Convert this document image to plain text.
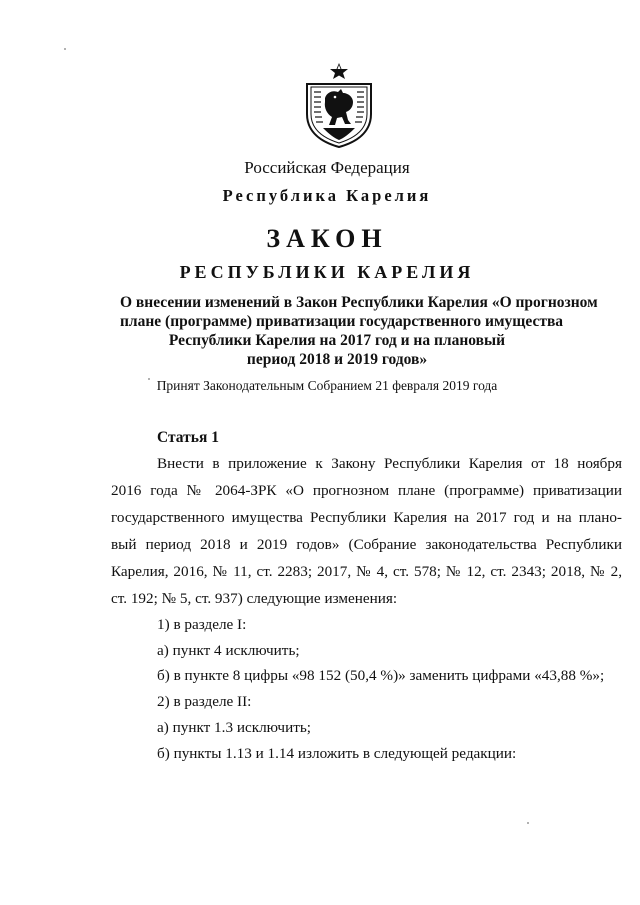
Российская Федерация
Республика Карелия
ЗАКОН
РЕСПУБЛИКИ КАРЕЛИЯ
О внесении изменений в Закон Республики Карелия «О прогнозном
плане (программе) приватизации государственного имущества
Республики Карелия на 2017 год и на плановый
период 2018 и 2019 годов»
Принят Законодательным Собранием 21 февраля 2019 года
Статья 1
Внести в приложение к Закону Республики Карелия от 18 ноября
2016 года № 2064-ЗРК «О прогнозном плане (программе) приватизации
государственного имущества Республики Карелия на 2017 год и на плано-
вый период 2018 и 2019 годов» (Собрание законодательства Республики
Карелия, 2016, № 11, ст. 2283; 2017, № 4, ст. 578; № 12, ст. 2343; 2018, № 2,
ст. 192; № 5, ст. 937) следующие изменения:
1) в разделе I:
а) пункт 4 исключить;
б) в пункте 8 цифры «98 152 (50,4 %)» заменить цифрами «43,88 %»;
2) в разделе II:
а) пункт 1.3 исключить;
б) пункты 1.13 и 1.14 изложить в следующей редакции:
